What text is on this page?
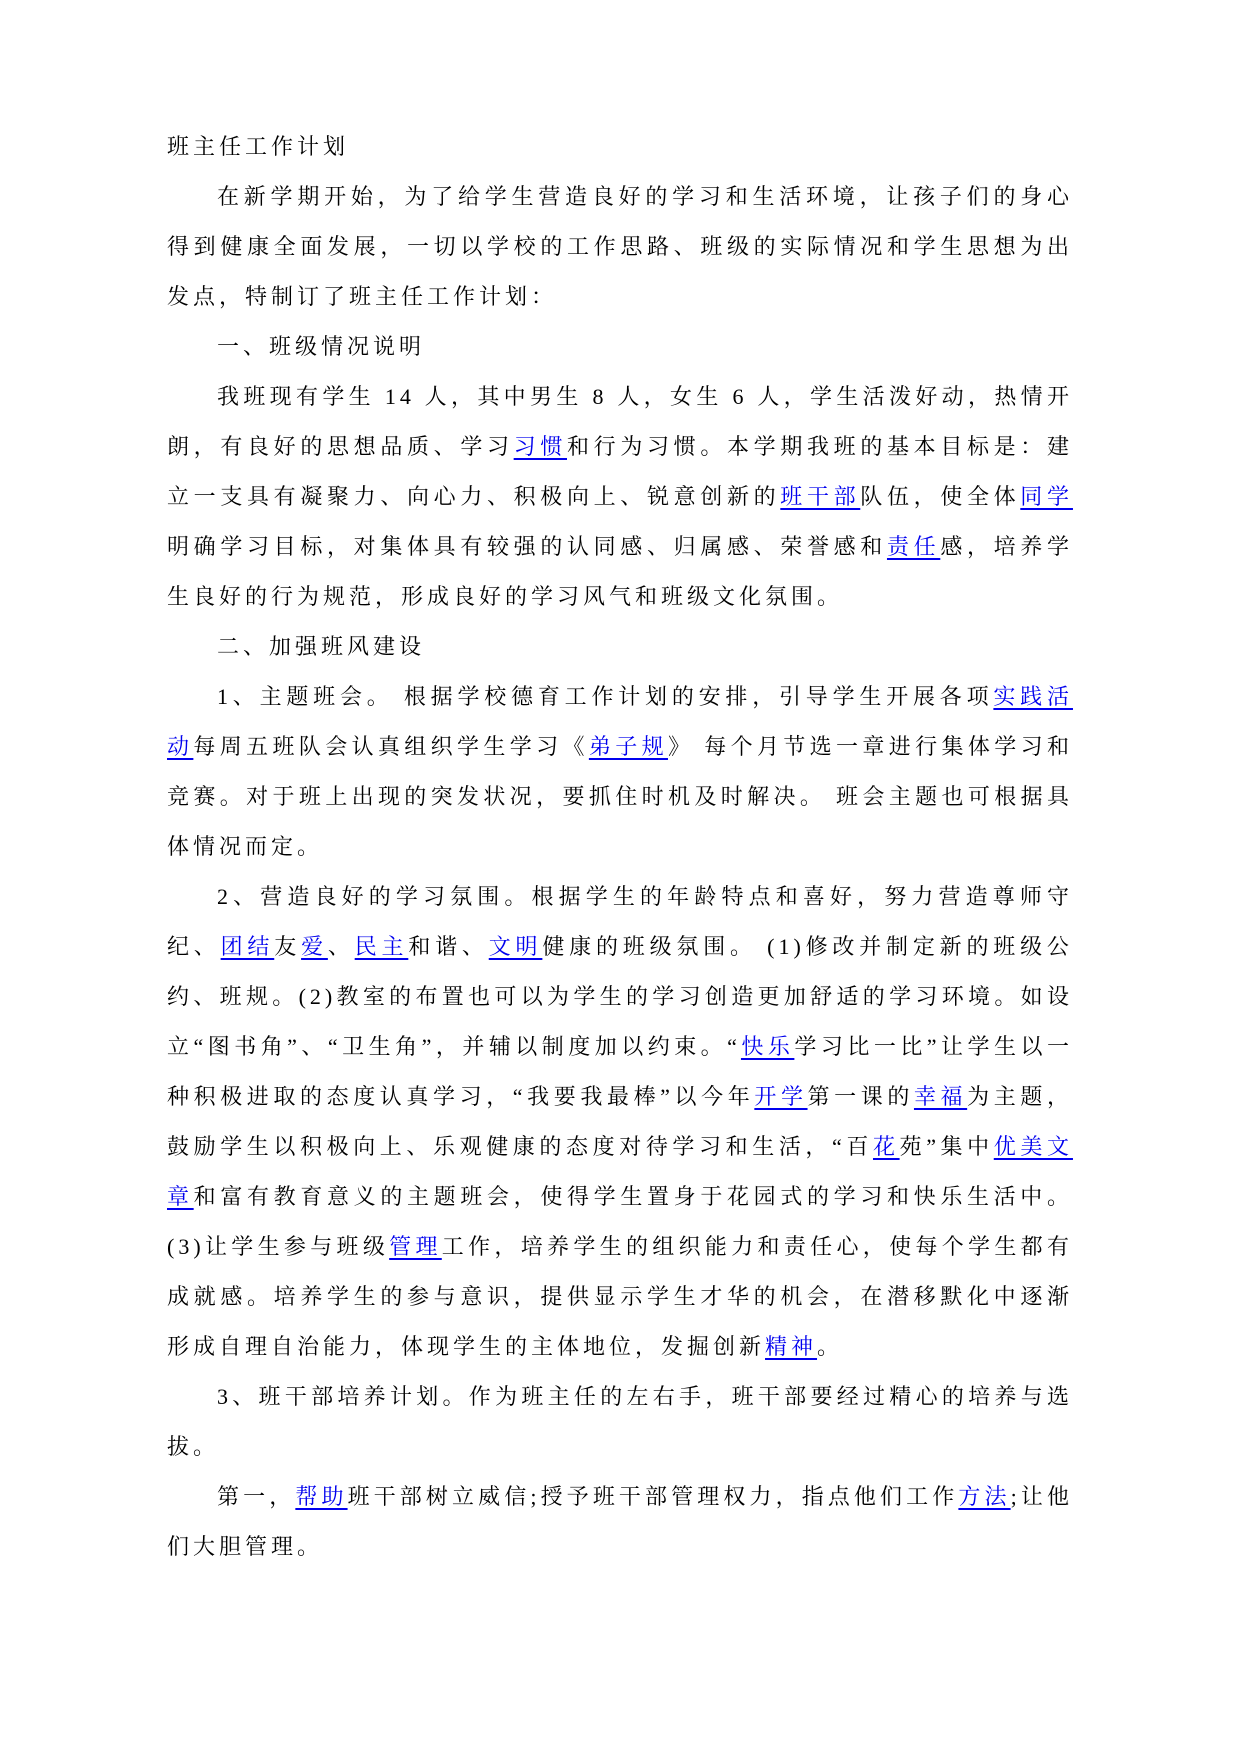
班主任工作计划

在新学期开始，为了给学生营造良好的学习和生活环境，让孩子们的身心得到健康全面发展，一切以学校的工作思路、班级的实际情况和学生思想为出发点，特制订了班主任工作计划：

一、班级情况说明

我班现有学生 14 人，其中男生 8 人，女生 6 人，学生活泼好动，热情开朗，有良好的思想品质、学习习惯和行为习惯。本学期我班的基本目标是：建立一支具有凝聚力、向心力、积极向上、锐意创新的班干部队伍，使全体同学明确学习目标，对集体具有较强的认同感、归属感、荣誉感和责任感，培养学生良好的行为规范，形成良好的学习风气和班级文化氛围。

二、加强班风建设

1、主题班会。 根据学校德育工作计划的安排，引导学生开展各项实践活动每周五班队会认真组织学生学习《弟子规》 每个月节选一章进行集体学习和竞赛。对于班上出现的突发状况，要抓住时机及时解决。 班会主题也可根据具体情况而定。

2、营造良好的学习氛围。根据学生的年龄特点和喜好，努力营造尊师守纪、团结友爱、民主和谐、文明健康的班级氛围。 (1)修改并制定新的班级公约、班规。(2)教室的布置也可以为学生的学习创造更加舒适的学习环境。如设立“图书角”、“卫生角”，并辅以制度加以约束。“快乐学习比一比”让学生以一种积极进取的态度认真学习，“我要我最棒”以今年开学第一课的幸福为主题，鼓励学生以积极向上、乐观健康的态度对待学习和生活，“百花苑”集中优美文章和富有教育意义的主题班会，使得学生置身于花园式的学习和快乐生活中。(3)让学生参与班级管理工作，培养学生的组织能力和责任心，使每个学生都有成就感。培养学生的参与意识，提供显示学生才华的机会，在潜移默化中逐渐形成自理自治能力，体现学生的主体地位，发掘创新精神。

3、班干部培养计划。作为班主任的左右手，班干部要经过精心的培养与选拔。

第一，帮助班干部树立威信;授予班干部管理权力，指点他们工作方法;让他们大胆管理。
